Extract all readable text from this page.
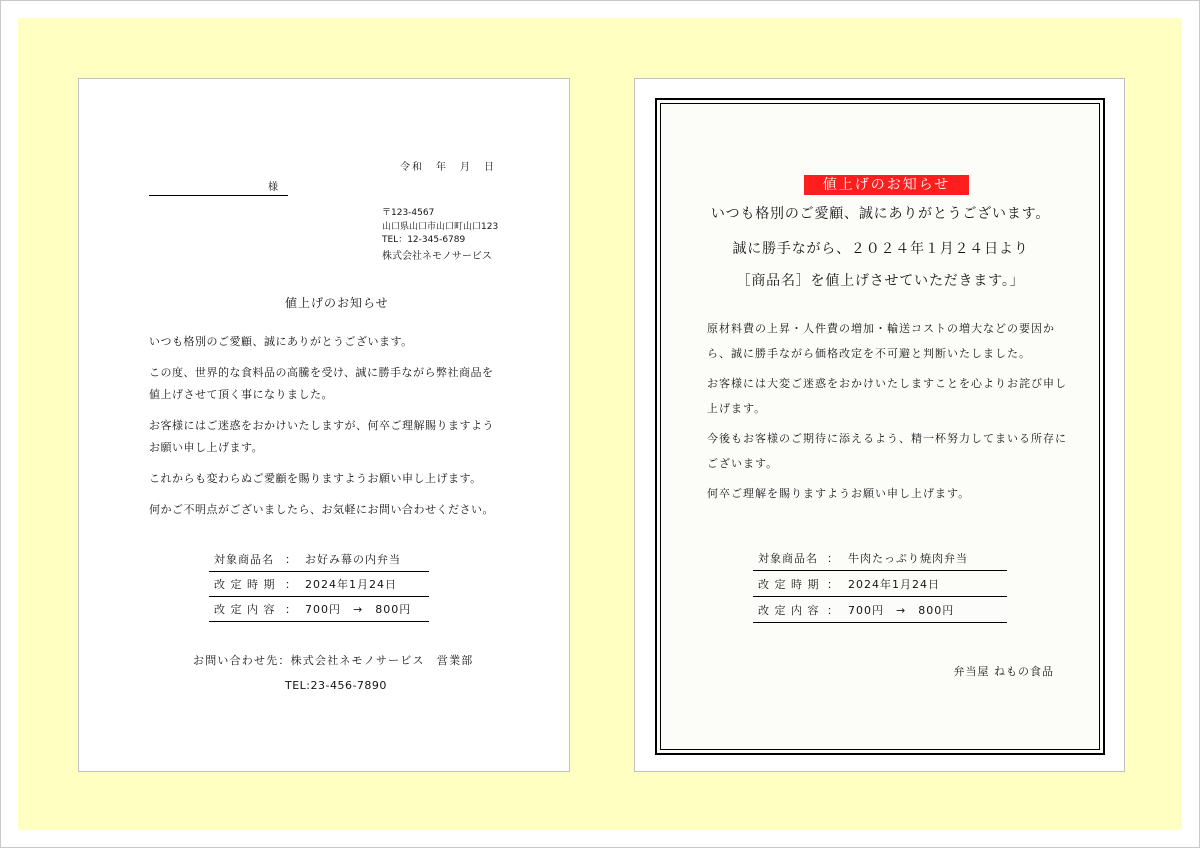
令和　年　月　日
様
〒123-4567
山口県山口市山口町山口123
TEL：12-345-6789
株式会社ネモノサービス
値上げのお知らせ

いつも格別のご愛顧、誠にありがとうございます。

この度、世界的な食料品の高騰を受け、誠に勝手ながら弊社商品を
値上げさせて頂く事になりました。

お客様にはご迷惑をおかけいたしますが、何卒ご理解賜りますよう
お願い申し上げます。

これからも変わらぬご愛顧を賜りますようお願い申し上げます。

何かご不明点がございましたら、お気軽にお問い合わせください。

対象商品名	： お好み幕の内弁当
改 定 時 期 ： 2024年1月24日
改 定 内 容 ： 700円　→　800円
お問い合わせ先：株式会社ネモノサービス　営業部
TEL:23-456-7890
値上げのお知らせ
いつも格別のご愛顧、誠にありがとうございます。
誠に勝手ながら、２０２４年１月２４日より
［商品名］を値上げさせていただきます。」

原材料費の上昇・人件費の増加・輸送コストの増大などの要因か
ら、誠に勝手ながら価格改定を不可避と判断いたしました。

お客様には大変ご迷惑をおかけいたしますことを心よりお詫び申し
上げます。

今後もお客様のご期待に添えるよう、精一杯努力してまいる所存に
ございます。

何卒ご理解を賜りますようお願い申し上げます。

対象商品名 ： 牛肉たっぷり焼肉弁当
改 定 時 期 ： 2024年1月24日
改 定 内 容 ： 700円　→　800円
弁当屋 ねもの食品
